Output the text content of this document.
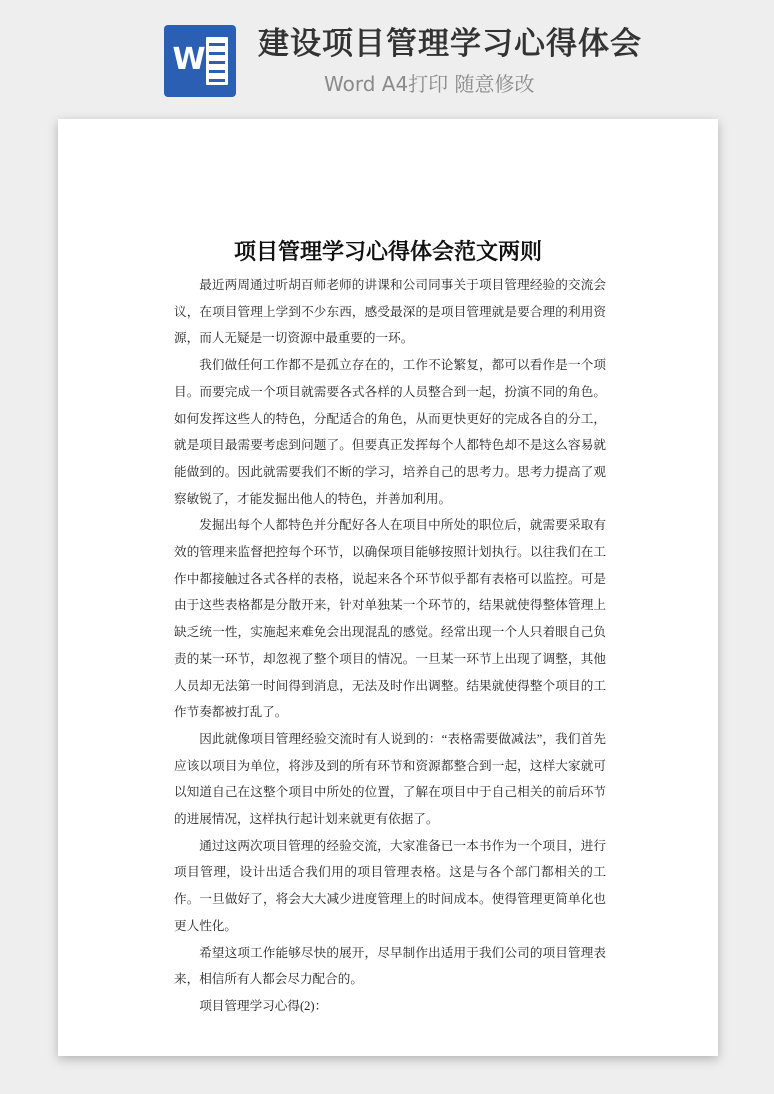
W 建设项目管理学习心得体会
Word A4打印 随意修改

项目管理学习心得体会范文两则

最近两周通过听胡百师老师的讲课和公司同事关于项目管理经验的交流会议，在项目管理上学到不少东西，感受最深的是项目管理就是要合理的利用资源，而人无疑是一切资源中最重要的一环。

我们做任何工作都不是孤立存在的，工作不论繁复，都可以看作是一个项目。而要完成一个项目就需要各式各样的人员整合到一起，扮演不同的角色。如何发挥这些人的特色，分配适合的角色，从而更快更好的完成各自的分工，就是项目最需要考虑到问题了。但要真正发挥每个人都特色却不是这么容易就能做到的。因此就需要我们不断的学习，培养自己的思考力。思考力提高了观察敏锐了，才能发掘出他人的特色，并善加利用。

发掘出每个人都特色并分配好各人在项目中所处的职位后，就需要采取有效的管理来监督把控每个环节，以确保项目能够按照计划执行。以往我们在工作中都接触过各式各样的表格，说起来各个环节似乎都有表格可以监控。可是由于这些表格都是分散开来，针对单独某一个环节的，结果就使得整体管理上缺乏统一性，实施起来难免会出现混乱的感觉。经常出现一个人只着眼自己负责的某一环节，却忽视了整个项目的情况。一旦某一环节上出现了调整，其他人员却无法第一时间得到消息，无法及时作出调整。结果就使得整个项目的工作节奏都被打乱了。

因此就像项目管理经验交流时有人说到的：“表格需要做减法”，我们首先应该以项目为单位，将涉及到的所有环节和资源都整合到一起，这样大家就可以知道自己在这整个项目中所处的位置，了解在项目中于自己相关的前后环节的进展情况，这样执行起计划来就更有依据了。

通过这两次项目管理的经验交流，大家准备已一本书作为一个项目，进行项目管理，设计出适合我们用的项目管理表格。这是与各个部门都相关的工作。一旦做好了，将会大大减少进度管理上的时间成本。使得管理更简单化也更人性化。

希望这项工作能够尽快的展开，尽早制作出适用于我们公司的项目管理表来，相信所有人都会尽力配合的。

项目管理学习心得(2)：
